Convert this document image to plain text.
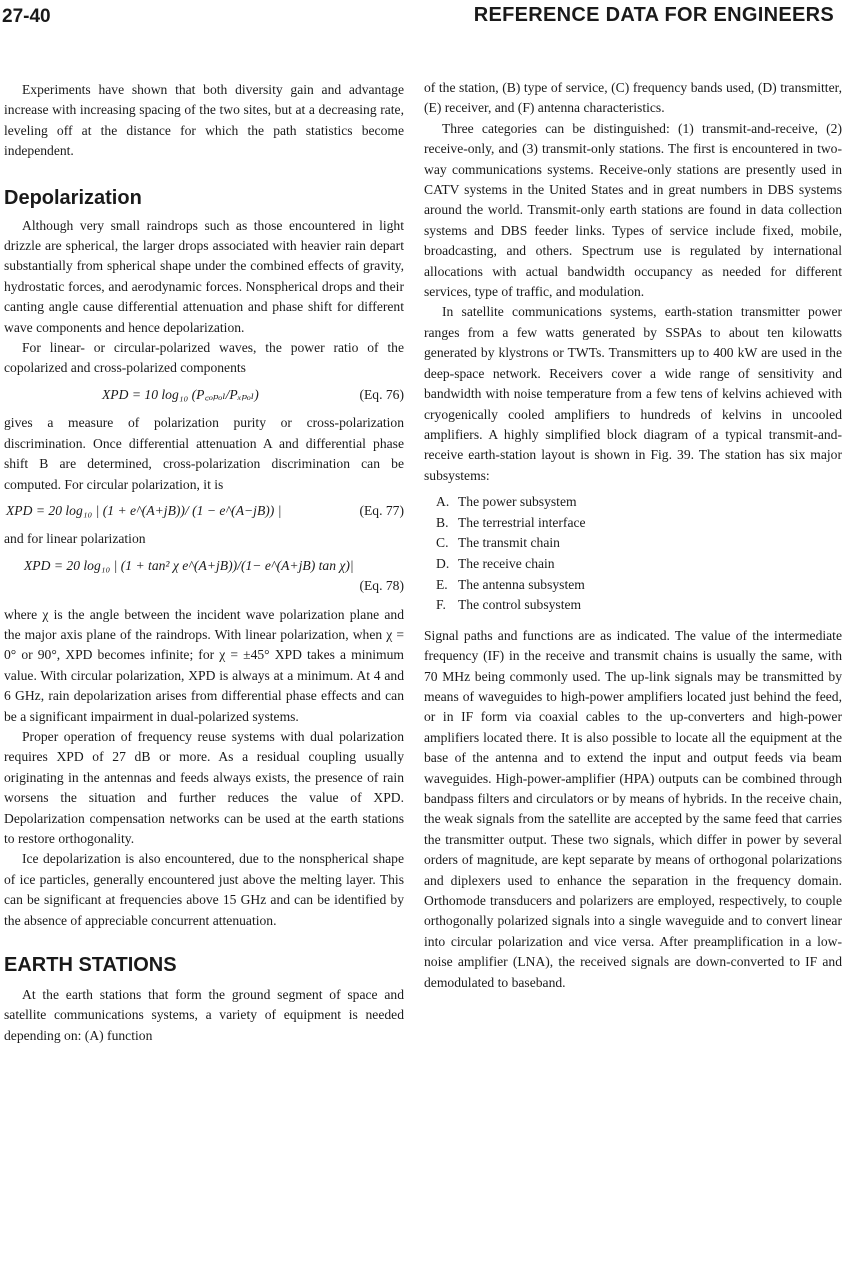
27-40	REFERENCE DATA FOR ENGINEERS

Experiments have shown that both diversity gain and advantage increase with increasing spacing of the two sites, but at a decreasing rate, leveling off at the distance for which the path statistics become independent.

Depolarization

Although very small raindrops such as those encountered in light drizzle are spherical, the larger drops associated with heavier rain depart substantially from spherical shape under the combined effects of gravity, hydrostatic forces, and aerodynamic forces. Nonspherical drops and their canting angle cause differential attenuation and phase shift for different wave components and hence depolarization.

For linear- or circular-polarized waves, the power ratio of the copolarized and cross-polarized components

XPD = 10 log₁₀ (P꜀ₒₚₒₗ/Pₓₚₒₗ)	(Eq. 76)

gives a measure of polarization purity or cross-polarization discrimination. Once differential attenuation A and differential phase shift B are determined, cross-polarization discrimination can be computed. For circular polarization, it is

XPD = 20 log₁₀ | (1 + e^(A+jB))/ (1 − e^(A−jB)) |	(Eq. 77)

and for linear polarization

XPD = 20 log₁₀ | (1 + tan² χ e^(A+jB))/(1− e^(A+jB) tan χ)|
(Eq. 78)

where χ is the angle between the incident wave polarization plane and the major axis plane of the raindrops. With linear polarization, when χ = 0° or 90°, XPD becomes infinite; for χ = ±45° XPD takes a minimum value. With circular polarization, XPD is always at a minimum. At 4 and 6 GHz, rain depolarization arises from differential phase effects and can be a significant impairment in dual-polarized systems.

Proper operation of frequency reuse systems with dual polarization requires XPD of 27 dB or more. As a residual coupling usually originating in the antennas and feeds always exists, the presence of rain worsens the situation and further reduces the value of XPD. Depolarization compensation networks can be used at the earth stations to restore orthogonality.

Ice depolarization is also encountered, due to the nonspherical shape of ice particles, generally encountered just above the melting layer. This can be significant at frequencies above 15 GHz and can be identified by the absence of appreciable concurrent attenuation.

EARTH STATIONS

At the earth stations that form the ground segment of space and satellite communications systems, a variety of equipment is needed depending on: (A) function

of the station, (B) type of service, (C) frequency bands used, (D) transmitter, (E) receiver, and (F) antenna characteristics.

Three categories can be distinguished: (1) transmit-and-receive, (2) receive-only, and (3) transmit-only stations. The first is encountered in two-way communications systems. Receive-only stations are presently used in CATV systems in the United States and in great numbers in DBS systems around the world. Transmit-only earth stations are found in data collection systems and DBS feeder links. Types of service include fixed, mobile, broadcasting, and others. Spectrum use is regulated by international allocations with actual bandwidth occupancy as needed for different services, type of traffic, and modulation.

In satellite communications systems, earth-station transmitter power ranges from a few watts generated by SSPAs to about ten kilowatts generated by klystrons or TWTs. Transmitters up to 400 kW are used in the deep-space network. Receivers cover a wide range of sensitivity and bandwidth with noise temperature from a few tens of kelvins achieved with cryogenically cooled amplifiers to hundreds of kelvins in uncooled amplifiers. A highly simplified block diagram of a typical transmit-and-receive earth-station layout is shown in Fig. 39. The station has six major subsystems:

A. The power subsystem
B. The terrestrial interface
C. The transmit chain
D. The receive chain
E. The antenna subsystem
F. The control subsystem

Signal paths and functions are as indicated. The value of the intermediate frequency (IF) in the receive and transmit chains is usually the same, with 70 MHz being commonly used. The up-link signals may be transmitted by means of waveguides to high-power amplifiers located just behind the feed, or in IF form via coaxial cables to the up-converters and high-power amplifiers located there. It is also possible to locate all the equipment at the base of the antenna and to extend the input and output feeds via beam waveguides. High-power-amplifier (HPA) outputs can be combined through bandpass filters and circulators or by means of hybrids. In the receive chain, the weak signals from the satellite are accepted by the same feed that carries the transmitter output. These two signals, which differ in power by several orders of magnitude, are kept separate by means of orthogonal polarizations and diplexers used to enhance the separation in the frequency domain. Orthomode transducers and polarizers are employed, respectively, to couple orthogonally polarized signals into a single waveguide and to convert linear into circular polarization and vice versa. After preamplification in a low-noise amplifier (LNA), the received signals are down-converted to IF and demodulated to baseband.
